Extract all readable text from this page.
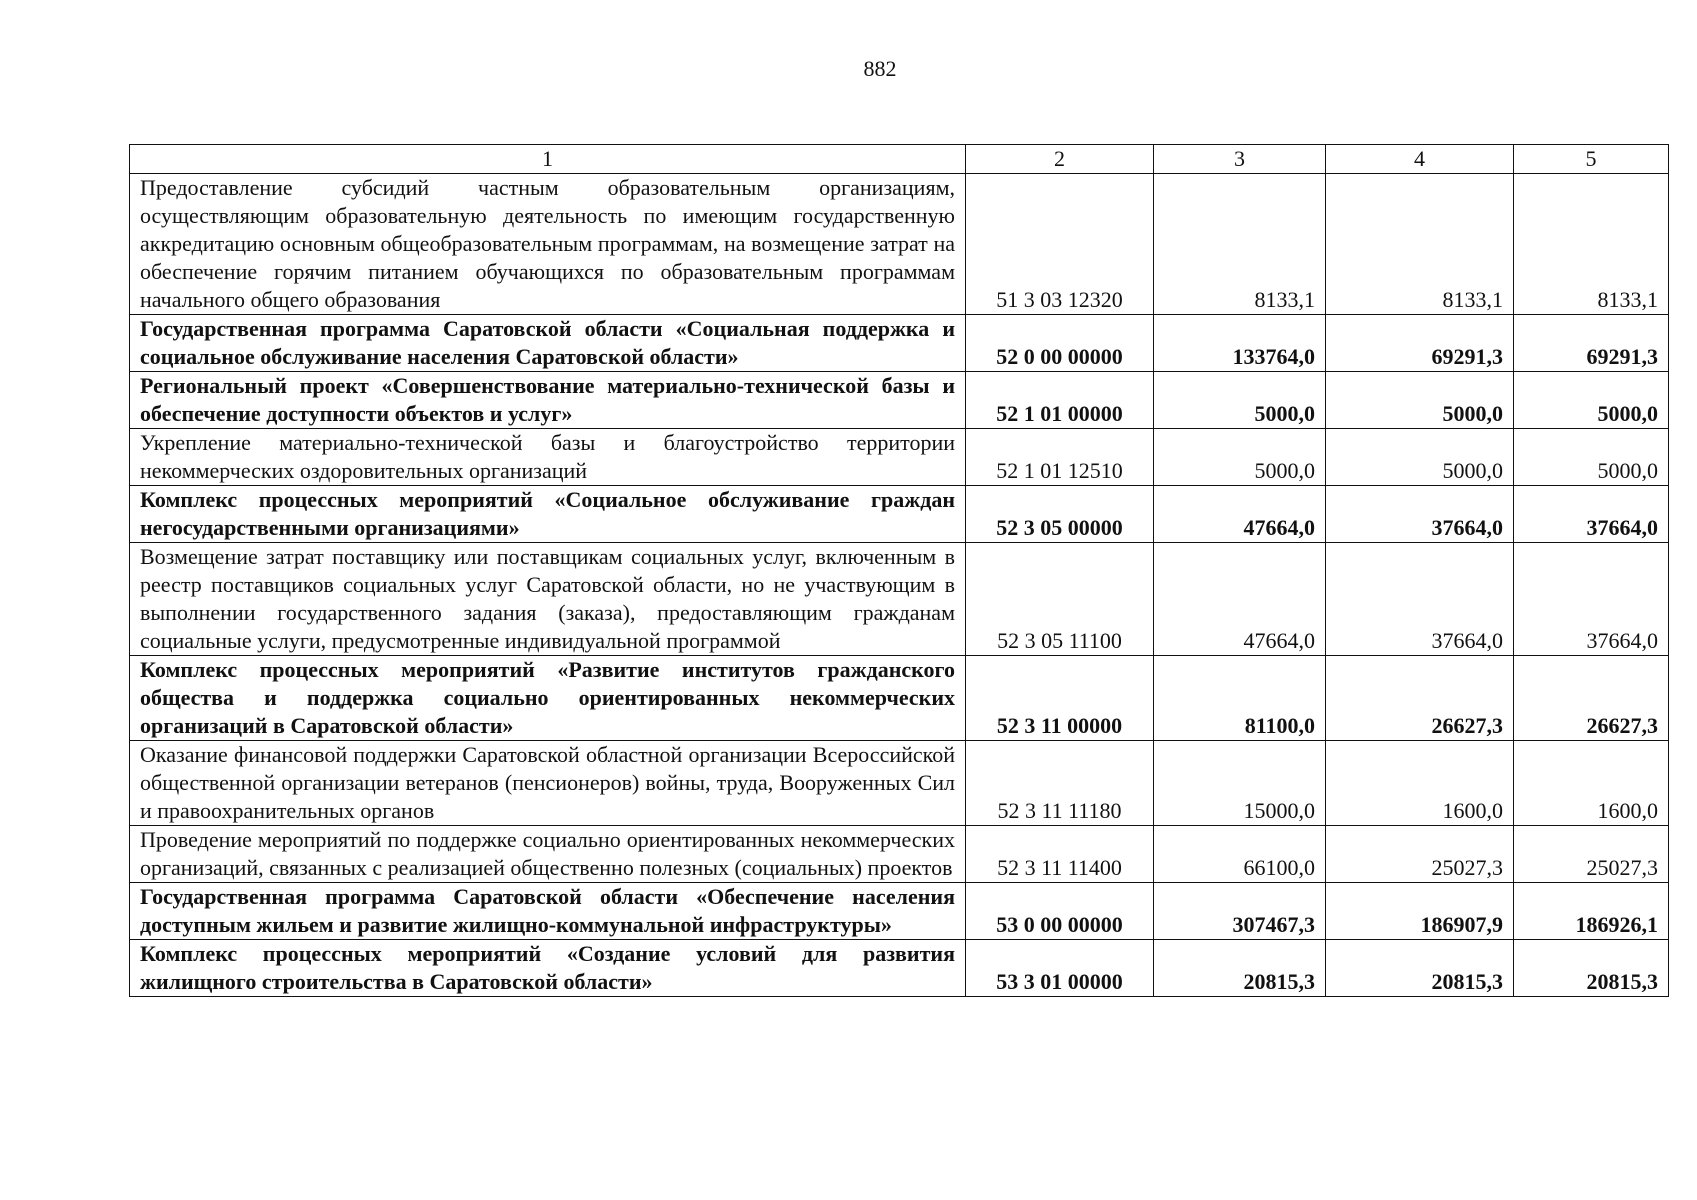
882
1	2	3	4	5
Предоставление субсидий частным образовательным организациям, осуществляющим образовательную деятельность по имеющим государственную аккредитацию основным общеобразовательным программам, на возмещение затрат на обеспечение горячим питанием обучающихся по образовательным программам начального общего образования	51 3 03 12320	8133,1	8133,1	8133,1
Государственная программа Саратовской области «Социальная поддержка и социальное обслуживание населения Саратовской области»	52 0 00 00000	133764,0	69291,3	69291,3
Региональный проект «Совершенствование материально-технической базы и обеспечение доступности объектов и услуг»	52 1 01 00000	5000,0	5000,0	5000,0
Укрепление материально-технической базы и благоустройство территории некоммерческих оздоровительных организаций	52 1 01 12510	5000,0	5000,0	5000,0
Комплекс процессных мероприятий «Социальное обслуживание граждан негосударственными организациями»	52 3 05 00000	47664,0	37664,0	37664,0
Возмещение затрат поставщику или поставщикам социальных услуг, включенным в реестр поставщиков социальных услуг Саратовской области, но не участвующим в выполнении государственного задания (заказа), предоставляющим гражданам социальные услуги, предусмотренные индивидуальной программой	52 3 05 11100	47664,0	37664,0	37664,0
Комплекс процессных мероприятий «Развитие институтов гражданского общества и поддержка социально ориентированных некоммерческих организаций в Саратовской области»	52 3 11 00000	81100,0	26627,3	26627,3
Оказание финансовой поддержки Саратовской областной организации Всероссийской общественной организации ветеранов (пенсионеров) войны, труда, Вооруженных Сил и правоохранительных органов	52 3 11 11180	15000,0	1600,0	1600,0
Проведение мероприятий по поддержке социально ориентированных некоммерческих организаций, связанных с реализацией общественно полезных (социальных) проектов	52 3 11 11400	66100,0	25027,3	25027,3
Государственная программа Саратовской области «Обеспечение населения доступным жильем и развитие жилищно-коммунальной инфраструктуры»	53 0 00 00000	307467,3	186907,9	186926,1
Комплекс процессных мероприятий «Создание условий для развития жилищного строительства в Саратовской области»	53 3 01 00000	20815,3	20815,3	20815,3
